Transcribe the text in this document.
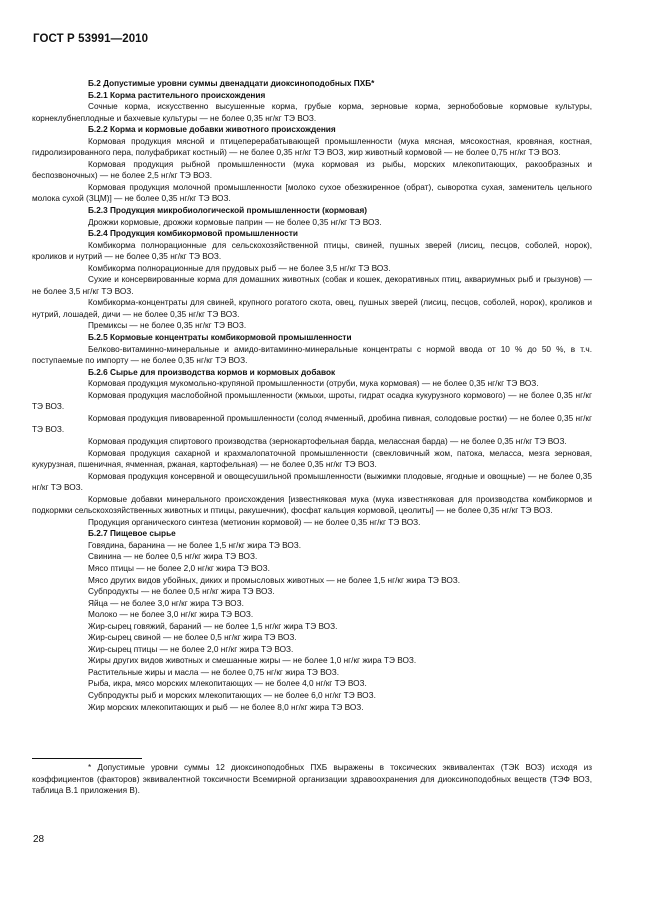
ГОСТ Р 53991—2010
Б.2 Допустимые уровни суммы двенадцати диоксиноподобных ПХБ*
Б.2.1 Корма растительного происхождения
Сочные корма, искусственно высушенные корма, грубые корма, зерновые корма, зернобобовые кормовые культуры, корнеклубнеплодные и бахчевые культуры — не более 0,35 нг/кг ТЭ ВОЗ.
Б.2.2 Корма и кормовые добавки животного происхождения
Кормовая продукция мясной и птицеперерабатывающей промышленности (мука мясная, мясокостная, кровяная, костная, гидролизированного пера, полуфабрикат костный) — не более 0,35 нг/кг ТЭ ВОЗ, жир животный кормовой — не более 0,75 нг/кг ТЭ ВОЗ.
Кормовая продукция рыбной промышленности (мука кормовая из рыбы, морских млекопитающих, ракообразных и беспозвоночных) — не более 2,5 нг/кг ТЭ ВОЗ.
Кормовая продукция молочной промышленности [молоко сухое обезжиренное (обрат), сыворотка сухая, заменитель цельного молока сухой (ЗЦМ)] — не более 0,35 нг/кг ТЭ ВОЗ.
Б.2.3 Продукция микробиологической промышленности (кормовая)
Дрожжи кормовые, дрожжи кормовые паприн — не более 0,35 нг/кг ТЭ ВОЗ.
Б.2.4 Продукция комбикормовой промышленности
Комбикорма полнорационные для сельскохозяйственной птицы, свиней, пушных зверей (лисиц, песцов, соболей, норок), кроликов и нутрий — не более 0,35 нг/кг ТЭ ВОЗ.
Комбикорма полнорационные для прудовых рыб — не более 3,5 нг/кг ТЭ ВОЗ.
Сухие и консервированные корма для домашних животных (собак и кошек, декоративных птиц, аквариумных рыб и грызунов) — не более 3,5 нг/кг ТЭ ВОЗ.
Комбикорма-концентраты для свиней, крупного рогатого скота, овец, пушных зверей (лисиц, песцов, соболей, норок), кроликов и нутрий, лошадей, дичи — не более 0,35 нг/кг ТЭ ВОЗ.
Премиксы — не более 0,35 нг/кг ТЭ ВОЗ.
Б.2.5 Кормовые концентраты комбикормовой промышленности
Белково-витаминно-минеральные и амидо-витаминно-минеральные концентраты с нормой ввода от 10 % до 50 %, в т.ч. поступаемые по импорту — не более 0,35 нг/кг ТЭ ВОЗ.
Б.2.6 Сырье для производства кормов и кормовых добавок
Кормовая продукция мукомольно-крупяной промышленности (отруби, мука кормовая) — не более 0,35 нг/кг ТЭ ВОЗ.
Кормовая продукция маслобойной промышленности (жмыхи, шроты, гидрат осадка кукурузного кормового) — не более 0,35 нг/кг ТЭ ВОЗ.
Кормовая продукция пивоваренной промышленности (солод ячменный, дробина пивная, солодовые ростки) — не более 0,35 нг/кг ТЭ ВОЗ.
Кормовая продукция спиртового производства (зернокартофельная барда, мелассная барда) — не более 0,35 нг/кг ТЭ ВОЗ.
Кормовая продукция сахарной и крахмалопаточной промышленности (свекловичный жом, патока, меласса, мезга зерновая, кукурузная, пшеничная, ячменная, ржаная, картофельная) — не более 0,35 нг/кг ТЭ ВОЗ.
Кормовая продукция консервной и овощесушильной промышленности (выжимки плодовые, ягодные и овощные) — не более 0,35 нг/кг ТЭ ВОЗ.
Кормовые добавки минерального происхождения [известняковая мука (мука известняковая для производства комбикормов и подкормки сельскохозяйственных животных и птицы, ракушечник), фосфат кальция кормовой, цеолиты] — не более 0,35 нг/кг ТЭ ВОЗ.
Продукция органического синтеза (метионин кормовой) — не более 0,35 нг/кг ТЭ ВОЗ.
Б.2.7 Пищевое сырье
Говядина, баранина — не более 1,5 нг/кг жира ТЭ ВОЗ.
Свинина — не более 0,5 нг/кг жира ТЭ ВОЗ.
Мясо птицы — не более 2,0 нг/кг жира ТЭ ВОЗ.
Мясо других видов убойных, диких и промысловых животных — не более 1,5 нг/кг жира ТЭ ВОЗ.
Субпродукты — не более 0,5 нг/кг жира ТЭ ВОЗ.
Яйца — не более 3,0 нг/кг жира ТЭ ВОЗ.
Молоко — не более 3,0 нг/кг жира ТЭ ВОЗ.
Жир-сырец говяжий, бараний — не более 1,5 нг/кг жира ТЭ ВОЗ.
Жир-сырец свиной — не более 0,5 нг/кг жира ТЭ ВОЗ.
Жир-сырец птицы — не более 2,0 нг/кг жира ТЭ ВОЗ.
Жиры других видов животных и смешанные жиры — не более 1,0 нг/кг жира ТЭ ВОЗ.
Растительные жиры и масла — не более 0,75 нг/кг жира ТЭ ВОЗ.
Рыба, икра, мясо морских млекопитающих — не более 4,0 нг/кг ТЭ ВОЗ.
Субпродукты рыб и морских млекопитающих — не более 6,0 нг/кг ТЭ ВОЗ.
Жир морских млекопитающих и рыб — не более 8,0 нг/кг жира ТЭ ВОЗ.
* Допустимые уровни суммы 12 диоксиноподобных ПХБ выражены в токсических эквивалентах (ТЭК ВОЗ) исходя из коэффициентов (факторов) эквивалентной токсичности Всемирной организации здравоохранения для диоксиноподобных веществ (ТЭФ ВОЗ, таблица В.1 приложения В).
28
